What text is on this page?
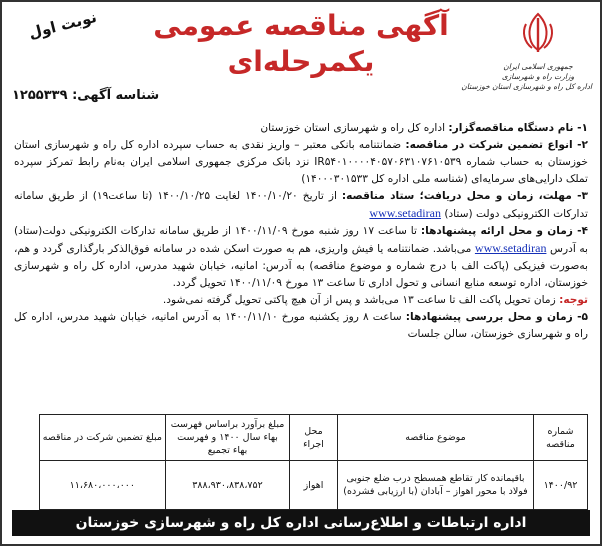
جمهوری اسلامی ایران
وزارت راه و شهرسازی
اداره کل راه و شهرسازی استان خوزستان
آگهی مناقصه عمومی
یکمرحله‌ای
نوبت اول
شناسه آگهی: ۱۲۵۵۳۳۹

۱- نام دستگاه مناقصه‌گزار: اداره کل راه و شهرسازی استان خوزستان

۲- انواع تضمین شرکت در مناقصه: ضمانتنامه بانکی معتبر – واریز نقدی به حساب سپرده اداره کل راه و شهرسازی استان خوزستان به حساب شماره IR۵۴۰۱۰۰۰۰۴۰۵۷۰۶۳۱۰۷۶۱۰۵۳۹ نزد بانک مرکزی جمهوری اسلامی ایران به‌نام رابط تمرکز سپرده تملک دارایی‌های سرمایه‌ای (شناسه ملی اداره کل ۱۴۰۰۰۳۰۱۵۳۳)

۳- مهلت، زمان و محل دریافت؛ ستاد مناقصه: از تاریخ ۱۴۰۰/۱۰/۲۰ لغایت ۱۴۰۰/۱۰/۲۵ (تا ساعت۱۹) از طریق سامانه تدارکات الکترونیکی دولت (ستاد) www.setadiran

۴- زمان و محل ارائه پیشنهادها: تا ساعت ۱۷ روز شنبه مورخ ۱۴۰۰/۱۱/۰۹ از طریق سامانه تدارکات الکترونیکی دولت(ستاد) به آدرس www.setadiran می‌باشد. ضمانتنامه یا فیش واریزی، هم به صورت اسکن شده در سامانه فوق‌الذکر بارگذاری گردد و هم، به‌صورت فیزیکی (پاکت الف با درج شماره و موضوع مناقصه) به آدرس: امانیه، خیابان شهید مدرس، اداره کل راه و شهرسازی خوزستان، اداره توسعه منابع انسانی و تحول اداری تا ساعت ۱۳ مورخ ۱۴۰۰/۱۱/۰۹ تحویل گردد.

توجه: زمان تحویل پاکت الف تا ساعت ۱۳ می‌باشد و پس از آن هیچ پاکتی تحویل گرفته نمی‌شود.

۵- زمان و محل بررسی پیشنهادها: ساعت ۸ روز یکشنبه مورخ ۱۴۰۰/۱۱/۱۰ به آدرس امانیه، خیابان شهید مدرس، اداره کل راه و شهرسازی خوزستان، سالن جلسات

شماره مناقصه	موضوع مناقصه	محل اجراء	مبلغ برآورد براساس فهرست بهاء سال ۱۴۰۰ و فهرست بهاء تجمیع	مبلغ تضمین شرکت در مناقصه
۱۴۰۰/۹۲	باقیمانده کار تقاطع همسطح درب ضلع جنوبی فولاد با محور اهواز – آبادان (با ارزیابی فشرده)	اهواز	۳۸۸،۹۳۰،۸۳۸،۷۵۲	۱۱،۶۸۰،۰۰۰،۰۰۰
اداره ارتباطات و اطلاع‌رسانی اداره کل راه و شهرسازی خوزستان
